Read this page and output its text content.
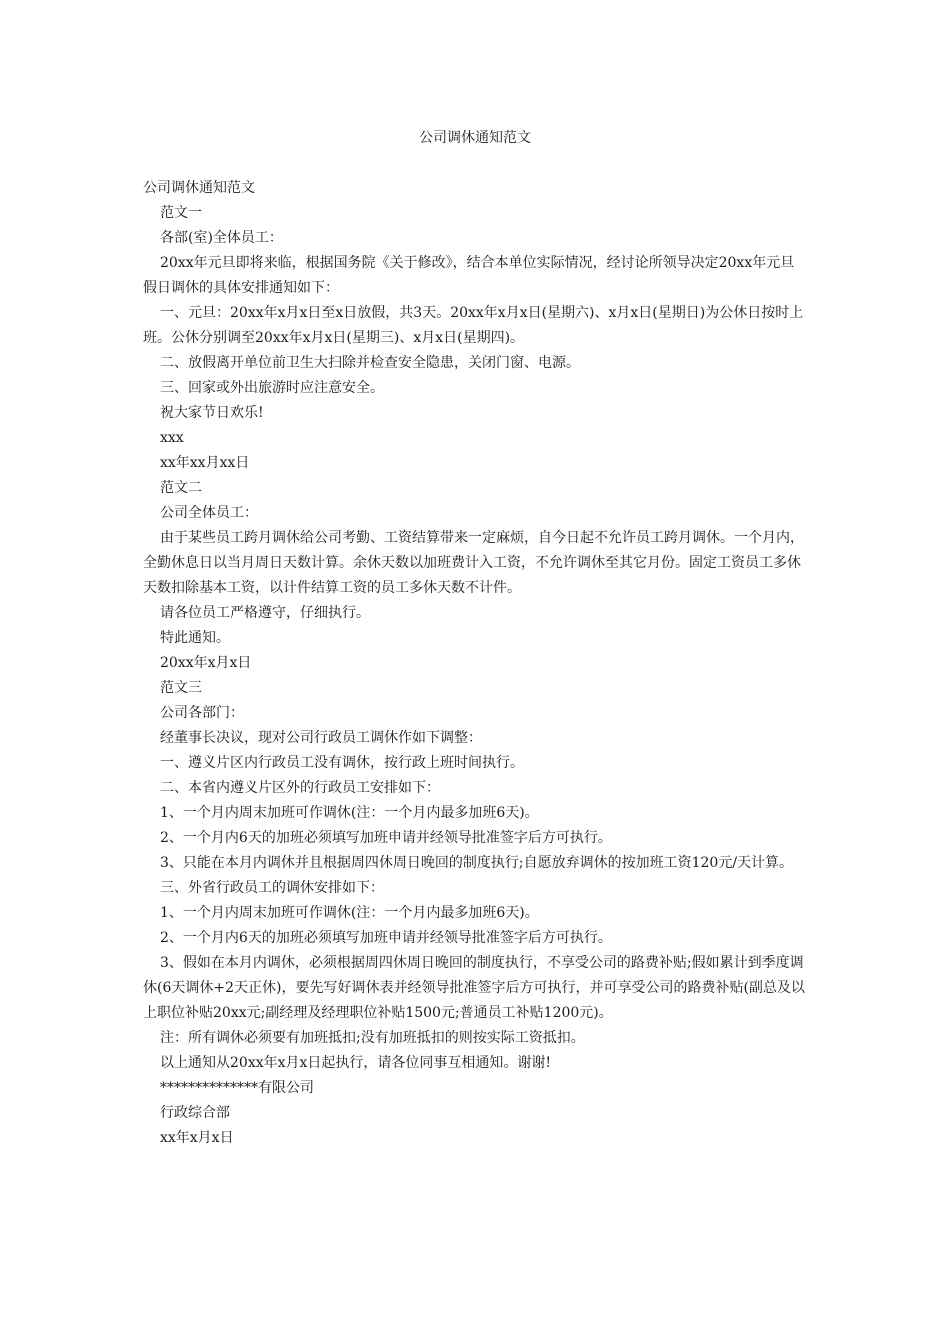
公司调休通知范文

公司调休通知范文

范文一

各部(室)全体员工：

20xx年元旦即将来临，根据国务院《关于修改》，结合本单位实际情况，经讨论所领导决定20xx年元旦假日调休的具体安排通知如下：

一、元旦：20xx年x月x日至x日放假，共3天。20xx年x月x日(星期六)、x月x日(星期日)为公休日按时上班。公休分别调至20xx年x月x日(星期三)、x月x日(星期四)。

二、放假离开单位前卫生大扫除并检查安全隐患，关闭门窗、电源。

三、回家或外出旅游时应注意安全。

祝大家节日欢乐!

xxx

xx年xx月xx日

范文二

公司全体员工：

由于某些员工跨月调休给公司考勤、工资结算带来一定麻烦，自今日起不允许员工跨月调休。一个月内，全勤休息日以当月周日天数计算。余休天数以加班费计入工资，不允许调休至其它月份。固定工资员工多休天数扣除基本工资，以计件结算工资的员工多休天数不计件。

请各位员工严格遵守，仔细执行。

特此通知。

20xx年x月x日

范文三

公司各部门：

经董事长决议，现对公司行政员工调休作如下调整：

一、遵义片区内行政员工没有调休，按行政上班时间执行。

二、本省内遵义片区外的行政员工安排如下：

1、一个月内周末加班可作调休(注：一个月内最多加班6天)。

2、一个月内6天的加班必须填写加班申请并经领导批准签字后方可执行。

3、只能在本月内调休并且根据周四休周日晚回的制度执行;自愿放弃调休的按加班工资120元/天计算。

三、外省行政员工的调休安排如下：

1、一个月内周末加班可作调休(注：一个月内最多加班6天)。

2、一个月内6天的加班必须填写加班申请并经领导批准签字后方可执行。

3、假如在本月内调休，必须根据周四休周日晚回的制度执行，不享受公司的路费补贴;假如累计到季度调休(6天调休+2天正休)，要先写好调休表并经领导批准签字后方可执行，并可享受公司的路费补贴(副总及以上职位补贴20xx元;副经理及经理职位补贴1500元;普通员工补贴1200元)。

注：所有调休必须要有加班抵扣;没有加班抵扣的则按实际工资抵扣。

以上通知从20xx年x月x日起执行，请各位同事互相通知。谢谢!

**************有限公司

行政综合部

xx年x月x日
